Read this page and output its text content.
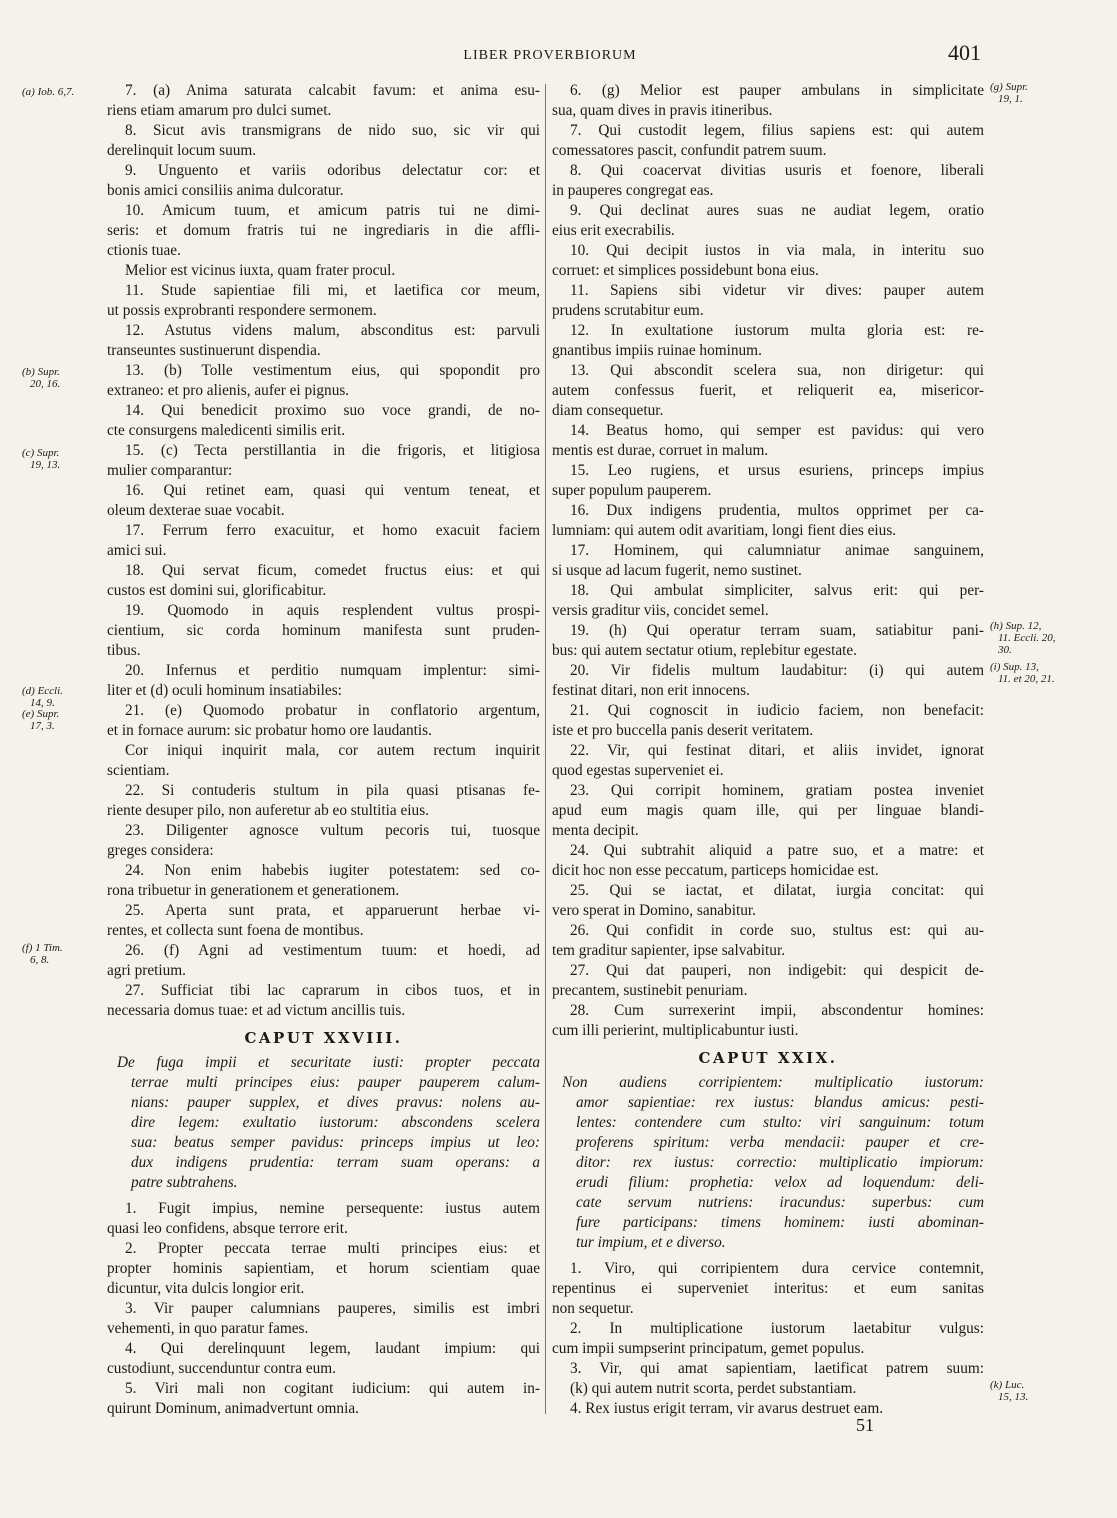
LIBER PROVERBIORUM	401
7. (a) Anima saturata calcabit favum: et anima esu-
riens etiam amarum pro dulci sumet.
8. Sicut avis transmigrans de nido suo, sic vir qui
derelinquit locum suum.
9. Unguento et variis odoribus delectatur cor: et
bonis amici consiliis anima dulcoratur.
10. Amicum tuum, et amicum patris tui ne dimi-
seris: et domum fratris tui ne ingrediaris in die affli-
ctionis tuae.
Melior est vicinus iuxta, quam frater procul.
11. Stude sapientiae fili mi, et laetifica cor meum,
ut possis exprobranti respondere sermonem.
12. Astutus videns malum, absconditus est: parvuli
transeuntes sustinuerunt dispendia.
13. (b) Tolle vestimentum eius, qui spopondit pro
extraneo: et pro alienis, aufer ei pignus.
14. Qui benedicit proximo suo voce grandi, de no-
cte consurgens maledicenti similis erit.
15. (c) Tecta perstillantia in die frigoris, et litigiosa
mulier comparantur:
16. Qui retinet eam, quasi qui ventum teneat, et
oleum dexterae suae vocabit.
17. Ferrum ferro exacuitur, et homo exacuit faciem
amici sui.
18. Qui servat ficum, comedet fructus eius: et qui
custos est domini sui, glorificabitur.
19. Quomodo in aquis resplendent vultus prospi-
cientium, sic corda hominum manifesta sunt pruden-
tibus.
20. Infernus et perditio numquam implentur: simi-
liter et (d) oculi hominum insatiabiles:
21. (e) Quomodo probatur in conflatorio argentum,
et in fornace aurum: sic probatur homo ore laudantis.
Cor iniqui inquirit mala, cor autem rectum inquirit
scientiam.
22. Si contuderis stultum in pila quasi ptisanas fe-
riente desuper pilo, non auferetur ab eo stultitia eius.
23. Diligenter agnosce vultum pecoris tui, tuosque
greges considera:
24. Non enim habebis iugiter potestatem: sed co-
rona tribuetur in generationem et generationem.
25. Aperta sunt prata, et apparuerunt herbae vi-
rentes, et collecta sunt foena de montibus.
26. (f) Agni ad vestimentum tuum: et hoedi, ad
agri pretium.
27. Sufficiat tibi lac caprarum in cibos tuos, et in
necessaria domus tuae: et ad victum ancillis tuis.
CAPUT XXVIII.
De fuga impii et securitate iusti: propter peccata
terrae multi principes eius: pauper pauperem calum-
nians: pauper supplex, et dives pravus: nolens au-
dire legem: exultatio iustorum: abscondens scelera
sua: beatus semper pavidus: princeps impius ut leo:
dux indigens prudentia: terram suam operans: a
patre subtrahens.
1. Fugit impius, nemine persequente: iustus autem
quasi leo confidens, absque terrore erit.
2. Propter peccata terrae multi principes eius: et
propter hominis sapientiam, et horum scientiam quae
dicuntur, vita dulcis longior erit.
3. Vir pauper calumnians pauperes, similis est imbri
vehementi, in quo paratur fames.
4. Qui derelinquunt legem, laudant impium: qui
custodiunt, succenduntur contra eum.
5. Viri mali non cogitant iudicium: qui autem in-
quirunt Dominum, animadvertunt omnia.
6. (g) Melior est pauper ambulans in simplicitate
sua, quam dives in pravis itineribus.
7. Qui custodit legem, filius sapiens est: qui autem
comessatores pascit, confundit patrem suum.
8. Qui coacervat divitias usuris et foenore, liberali
in pauperes congregat eas.
9. Qui declinat aures suas ne audiat legem, oratio
eius erit execrabilis.
10. Qui decipit iustos in via mala, in interitu suo
corruet: et simplices possidebunt bona eius.
11. Sapiens sibi videtur vir dives: pauper autem
prudens scrutabitur eum.
12. In exultatione iustorum multa gloria est: re-
gnantibus impiis ruinae hominum.
13. Qui abscondit scelera sua, non dirigetur: qui
autem confessus fuerit, et reliquerit ea, misericor-
diam consequetur.
14. Beatus homo, qui semper est pavidus: qui vero
mentis est durae, corruet in malum.
15. Leo rugiens, et ursus esuriens, princeps impius
super populum pauperem.
16. Dux indigens prudentia, multos opprimet per ca-
lumniam: qui autem odit avaritiam, longi fient dies eius.
17. Hominem, qui calumniatur animae sanguinem,
si usque ad lacum fugerit, nemo sustinet.
18. Qui ambulat simpliciter, salvus erit: qui per-
versis graditur viis, concidet semel.
19. (h) Qui operatur terram suam, satiabitur pani-
bus: qui autem sectatur otium, replebitur egestate.
20. Vir fidelis multum laudabitur: (i) qui autem
festinat ditari, non erit innocens.
21. Qui cognoscit in iudicio faciem, non benefacit:
iste et pro buccella panis deserit veritatem.
22. Vir, qui festinat ditari, et aliis invidet, ignorat
quod egestas superveniet ei.
23. Qui corripit hominem, gratiam postea inveniet
apud eum magis quam ille, qui per linguae blandi-
menta decipit.
24. Qui subtrahit aliquid a patre suo, et a matre: et
dicit hoc non esse peccatum, particeps homicidae est.
25. Qui se iactat, et dilatat, iurgia concitat: qui
vero sperat in Domino, sanabitur.
26. Qui confidit in corde suo, stultus est: qui au-
tem graditur sapienter, ipse salvabitur.
27. Qui dat pauperi, non indigebit: qui despicit de-
precantem, sustinebit penuriam.
28. Cum surrexerint impii, abscondentur homines:
cum illi perierint, multiplicabuntur iusti.
CAPUT XXIX.
Non audiens corripientem: multiplicatio iustorum:
amor sapientiae: rex iustus: blandus amicus: pesti-
lentes: contendere cum stulto: viri sanguinum: totum
proferens spiritum: verba mendacii: pauper et cre-
ditor: rex iustus: correctio: multiplicatio impiorum:
erudi filium: prophetia: velox ad loquendum: deli-
cate servum nutriens: iracundus: superbus: cum
fure participans: timens hominem: iusti abominan-
tur impium, et e diverso.
1. Viro, qui corripientem dura cervice contemnit,
repentinus ei superveniet interitus: et eum sanitas
non sequetur.
2. In multiplicatione iustorum laetabitur vulgus:
cum impii sumpserint principatum, gemet populus.
3. Vir, qui amat sapientiam, laetificat patrem suum:
(k) qui autem nutrit scorta, perdet substantiam.
4. Rex iustus erigit terram, vir avarus destruet eam.
(a) Iob. 6,7.
(b) Supr.
20, 16.
(c) Supr.
19, 13.
(d) Eccli.
14, 9.
(e) Supr.
17, 3.
(f) 1 Tim.
6, 8.
(g) Supr.
19, 1.
(h) Sup. 12,
11. Eccli. 20,
30.
(i) Sup. 13,
11. et 20, 21.
(k) Luc.
15, 13.
51
